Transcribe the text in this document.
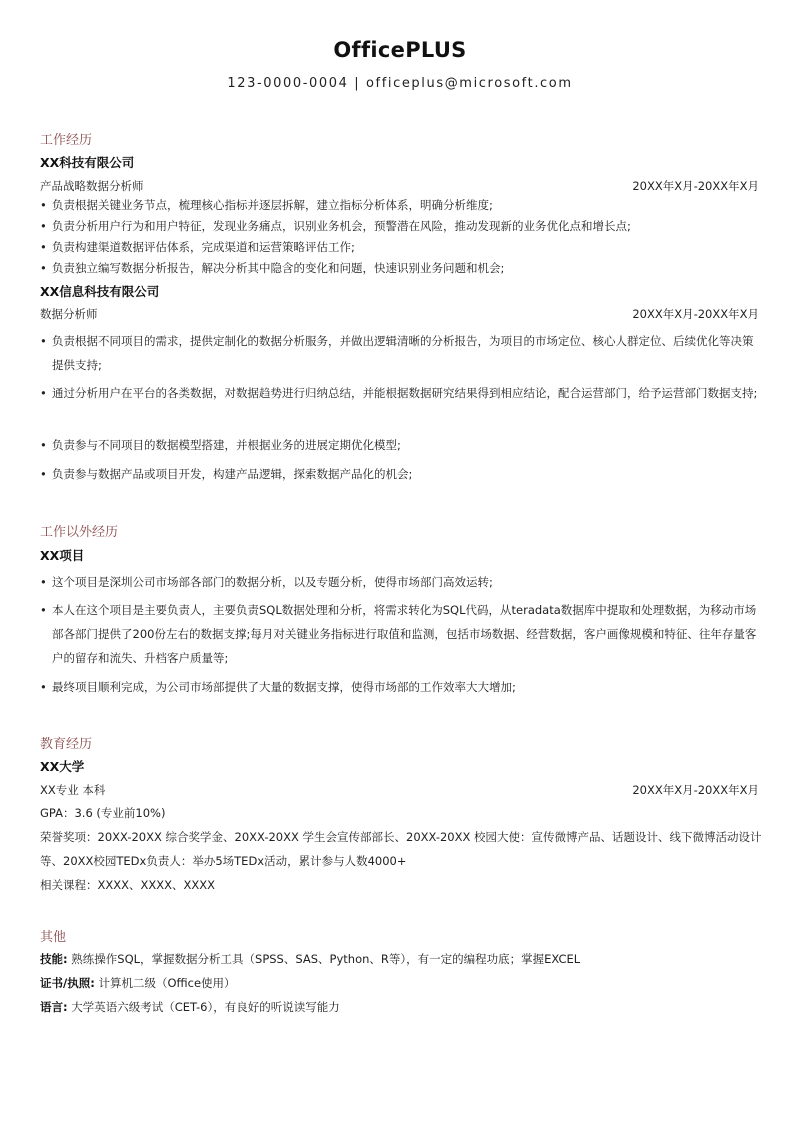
OfficePLUS
123-0000-0004 | officeplus@microsoft.com
工作经历
XX科技有限公司
产品战略数据分析师	20XX年X月-20XX年X月
• 负责根据关键业务节点，梳理核心指标并逐层拆解，建立指标分析体系，明确分析维度;
• 负责分析用户行为和用户特征，发现业务痛点，识别业务机会，预警潜在风险，推动发现新的业务优化点和增长点;
• 负责构建渠道数据评估体系，完成渠道和运营策略评估工作;
• 负责独立编写数据分析报告，解决分析其中隐含的变化和问题，快速识别业务问题和机会;
XX信息科技有限公司
数据分析师	20XX年X月-20XX年X月
• 负责根据不同项目的需求，提供定制化的数据分析服务，并做出逻辑清晰的分析报告，为项目的市场定位、核心人群定位、后续优化等决策提供支持;
• 通过分析用户在平台的各类数据，对数据趋势进行归纳总结，并能根据数据研究结果得到相应结论，配合运营部门，给予运营部门数据支持;
• 负责参与不同项目的数据模型搭建，并根据业务的进展定期优化模型;
• 负责参与数据产品或项目开发，构建产品逻辑，探索数据产品化的机会;
工作以外经历
XX项目
• 这个项目是深圳公司市场部各部门的数据分析，以及专题分析，使得市场部门高效运转;
• 本人在这个项目是主要负责人，主要负责SQL数据处理和分析，将需求转化为SQL代码，从teradata数据库中提取和处理数据，为移动市场部各部门提供了200份左右的数据支撑;每月对关键业务指标进行取值和监测，包括市场数据、经营数据，客户画像规模和特征、往年存量客户的留存和流失、升档客户质量等;
• 最终项目顺利完成，为公司市场部提供了大量的数据支撑，使得市场部的工作效率大大增加;
教育经历
XX大学
XX专业 本科	20XX年X月-20XX年X月
GPA：3.6 (专业前10%)
荣誉奖项：20XX-20XX 综合奖学金、20XX-20XX 学生会宣传部部长、20XX-20XX 校园大使：宣传微博产品、话题设计、线下微博活动设计等、20XX校园TEDx负责人：举办5场TEDx活动，累计参与人数4000+
相关课程：XXXX、XXXX、XXXX
其他
技能: 熟练操作SQL，掌握数据分析工具（SPSS、SAS、Python、R等），有一定的编程功底；掌握EXCEL
证书/执照: 计算机二级（Office使用）
语言: 大学英语六级考试（CET-6），有良好的听说读写能力
